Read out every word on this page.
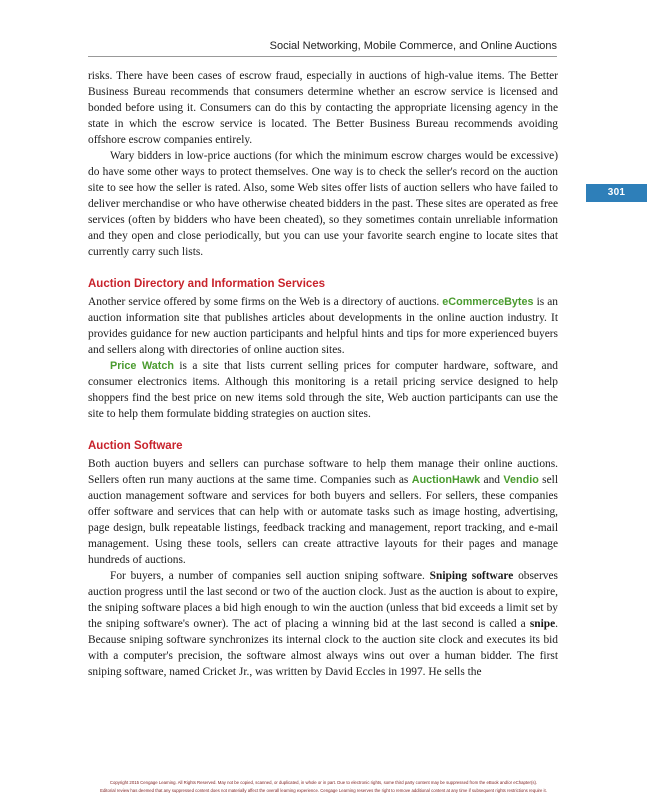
Social Networking, Mobile Commerce, and Online Auctions
301

risks. There have been cases of escrow fraud, especially in auctions of high-value items. The Better Business Bureau recommends that consumers determine whether an escrow service is licensed and bonded before using it. Consumers can do this by contacting the appropriate licensing agency in the state in which the escrow service is located. The Better Business Bureau recommends avoiding offshore escrow companies entirely.

Wary bidders in low-price auctions (for which the minimum escrow charges would be excessive) do have some other ways to protect themselves. One way is to check the seller's record on the auction site to see how the seller is rated. Also, some Web sites offer lists of auction sellers who have failed to deliver merchandise or who have otherwise cheated bidders in the past. These sites are operated as free services (often by bidders who have been cheated), so they sometimes contain unreliable information and they open and close periodically, but you can use your favorite search engine to locate sites that currently carry such lists.

Auction Directory and Information Services

Another service offered by some firms on the Web is a directory of auctions. eCommerceBytes is an auction information site that publishes articles about developments in the online auction industry. It provides guidance for new auction participants and helpful hints and tips for more experienced buyers and sellers along with directories of online auction sites.

Price Watch is a site that lists current selling prices for computer hardware, software, and consumer electronics items. Although this monitoring is a retail pricing service designed to help shoppers find the best price on new items sold through the site, Web auction participants can use the site to help them formulate bidding strategies on auction sites.

Auction Software

Both auction buyers and sellers can purchase software to help them manage their online auctions. Sellers often run many auctions at the same time. Companies such as AuctionHawk and Vendio sell auction management software and services for both buyers and sellers. For sellers, these companies offer software and services that can help with or automate tasks such as image hosting, advertising, page design, bulk repeatable listings, feedback tracking and management, report tracking, and e-mail management. Using these tools, sellers can create attractive layouts for their pages and manage hundreds of auctions.

For buyers, a number of companies sell auction sniping software. Sniping software observes auction progress until the last second or two of the auction clock. Just as the auction is about to expire, the sniping software places a bid high enough to win the auction (unless that bid exceeds a limit set by the sniping software's owner). The act of placing a winning bid at the last second is called a snipe. Because sniping software synchronizes its internal clock to the auction site clock and executes its bid with a computer's precision, the software almost always wins out over a human bidder. The first sniping software, named Cricket Jr., was written by David Eccles in 1997. He sells the

Copyright 2015 Cengage Learning. All Rights Reserved. May not be copied, scanned, or duplicated, in whole or in part. Due to electronic rights, some third party content may be suppressed from the eBook and/or eChapter(s).
Editorial review has deemed that any suppressed content does not materially affect the overall learning experience. Cengage Learning reserves the right to remove additional content at any time if subsequent rights restrictions require it.
